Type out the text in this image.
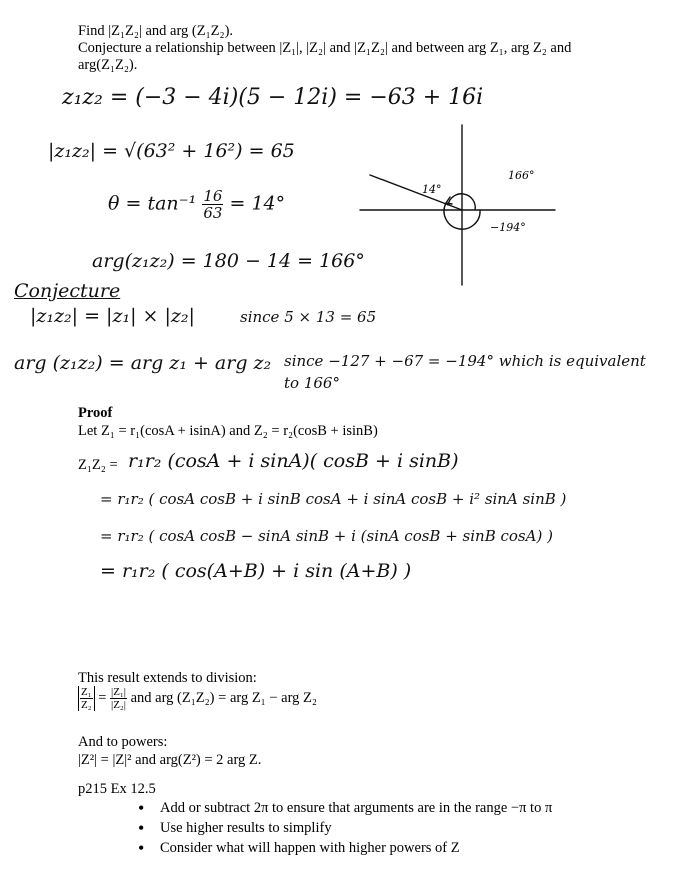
Find |Z₁Z₂| and arg (Z₁Z₂).
Conjecture a relationship between |Z₁|, |Z₂| and |Z₁Z₂| and between arg Z₁, arg Z₂ and
arg(Z₁Z₂).
z₁z₂ = (−3 − 4i)(5 − 12i) = −63 + 16i
|z₁z₂| = √(63² + 16²) = 65
$\theta = \tan^{-1} \frac{16}{63} = 14^\circ$
arg(z₁z₂) = 180 − 14 = 166°
14°
166°
−194°
Conjecture
|z₁z₂| = |z₁| × |z₂|	since 5 × 13 = 65
arg (z₁z₂) = arg z₁ + arg z₂ since −127 + −67 = −194° which is equivalent
to 166°
Proof
Let Z₁ = r₁(cosA + isinA) and Z₂ = r₂(cosB + isinB)
Z₁Z₂ = r₁r₂ (cosA + i sinA)( cosB + i sinB)
= r₁r₂ ( cosA cosB + i sinB cosA + i sinA cosB + i² sinA sinB )
= r₁r₂ ( cosA cosB − sinA sinB + i (sinA cosB + sinB cosA) )
= r₁r₂ ( cos(A+B) + i sin (A+B) )
This result extends to division:
$\frac{\text{Z₁}}{\text{Z₂}} = \frac{\text{|Z₁|}}{\text{|Z₂|}}$ and arg (Z₁Z₂) = arg Z₁ − arg Z₂
And to powers:
|Z²| = |Z|² and arg(Z²) = 2 arg Z.
p215 Ex 12.5
• Add or subtract 2π to ensure that arguments are in the range −π to π
• Use higher results to simplify
• Consider what will happen with higher powers of Z
